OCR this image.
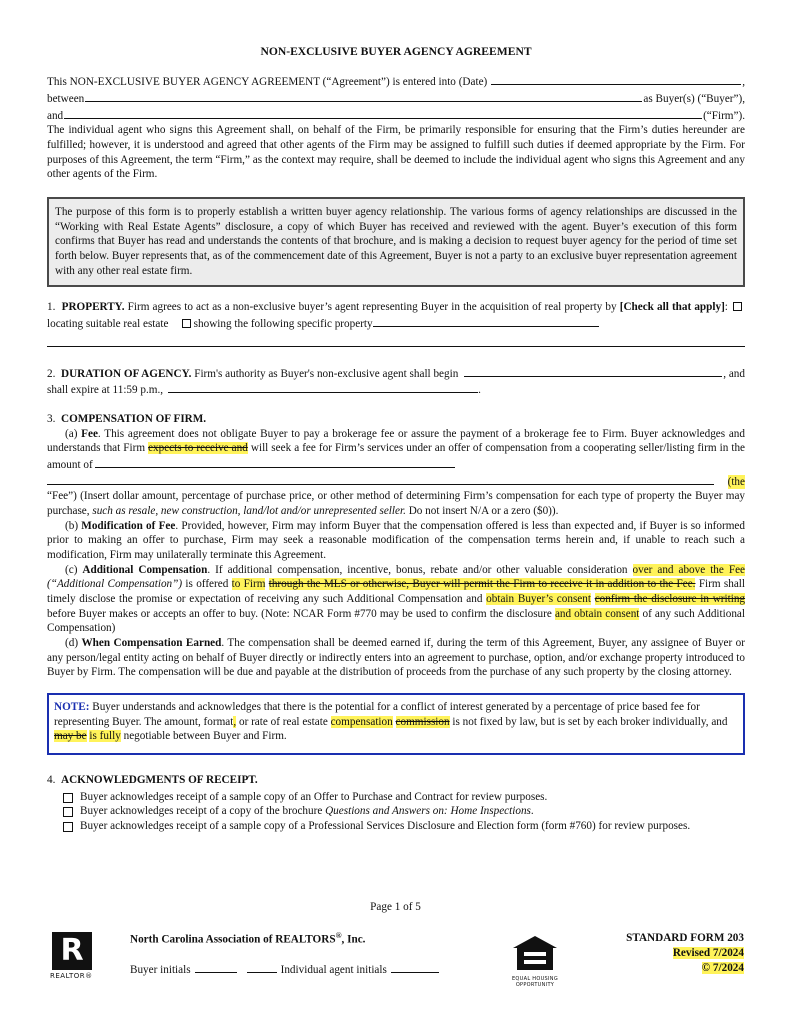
NON-EXCLUSIVE BUYER AGENCY AGREEMENT
This NON-EXCLUSIVE BUYER AGENCY AGREEMENT (“Agreement”) is entered into (Date)	,
between	as Buyer(s) (“Buyer”),
and	(“Firm”).

The individual agent who signs this Agreement shall, on behalf of the Firm, be primarily responsible for ensuring that the Firm’s duties hereunder are fulfilled; however, it is understood and agreed that other agents of the Firm may be assigned to fulfill such duties if deemed appropriate by the Firm. For purposes of this Agreement, the term “Firm,” as the context may require, shall be deemed to include the individual agent who signs this Agreement and any other agents of the Firm.

The purpose of this form is to properly establish a written buyer agency relationship. The various forms of agency relationships are discussed in the “Working with Real Estate Agents” disclosure, a copy of which Buyer has received and reviewed with the agent. Buyer’s execution of this form confirms that Buyer has read and understands the contents of that brochure, and is making a decision to request buyer agency for the period of time set forth below. Buyer represents that, as of the commencement date of this Agreement, Buyer is not a party to an exclusive buyer representation agreement with any other real estate firm.

1. PROPERTY. Firm agrees to act as a non-exclusive buyer’s agent representing Buyer in the acquisition of real property by [Check all that apply]: locating suitable real estate showing the following specific property

2.
DURATION OF AGENCY.
Firm's authority as Buyer's non-exclusive agent shall begin	, and
shall expire at 11:59 p.m.,	.

3. COMPENSATION OF FIRM.

(a) Fee. This agreement does not obligate Buyer to pay a brokerage fee or assure the payment of a brokerage fee to Firm. Buyer acknowledges and understands that Firm expects to receive and will seek a fee for Firm’s services under an offer of compensation from a cooperating seller/listing firm in the amount of

(the

“Fee”) (Insert dollar amount, percentage of purchase price, or other method of determining Firm’s compensation for each type of property the Buyer may purchase, such as resale, new construction, land/lot and/or unrepresented seller. Do not insert N/A or a zero ($0)).

(b) Modification of Fee. Provided, however, Firm may inform Buyer that the compensation offered is less than expected and, if Buyer is so informed prior to making an offer to purchase, Firm may seek a reasonable modification of the compensation terms herein and, if unable to reach such a modification, Firm may unilaterally terminate this Agreement.

(c) Additional Compensation. If additional compensation, incentive, bonus, rebate and/or other valuable consideration over and above the Fee (“Additional Compensation”) is offered to Firm through the MLS or otherwise, Buyer will permit the Firm to receive it in addition to the Fee. Firm shall timely disclose the promise or expectation of receiving any such Additional Compensation and obtain Buyer’s consent confirm the disclosure in writing before Buyer makes or accepts an offer to buy. (Note: NCAR Form #770 may be used to confirm the disclosure and obtain consent of any such Additional Compensation)

(d) When Compensation Earned. The compensation shall be deemed earned if, during the term of this Agreement, Buyer, any assignee of Buyer or any person/legal entity acting on behalf of Buyer directly or indirectly enters into an agreement to purchase, option, and/or exchange property introduced to Buyer by Firm. The compensation will be due and payable at the distribution of proceeds from the purchase of any such property by the closing attorney.

NOTE: Buyer understands and acknowledges that there is the potential for a conflict of interest generated by a percentage of price based fee for representing Buyer. The amount, format, or rate of real estate compensation commission is not fixed by law, but is set by each broker individually, and may be is fully negotiable between Buyer and Firm.

4. ACKNOWLEDGMENTS OF RECEIPT.

Buyer acknowledges receipt of a sample copy of an Offer to Purchase and Contract for review purposes.
Buyer acknowledges receipt of a copy of the brochure Questions and Answers on: Home Inspections.
Buyer acknowledges receipt of a sample copy of a Professional Services Disclosure and Election form (form #760) for review purposes.
Page 1 of 5
R
REALTOR®
North Carolina Association of REALTORS®, Inc.
Buyer initials	Individual agent initials
EQUAL HOUSING OPPORTUNITY
STANDARD FORM 203
Revised 7/2024
© 7/2024
